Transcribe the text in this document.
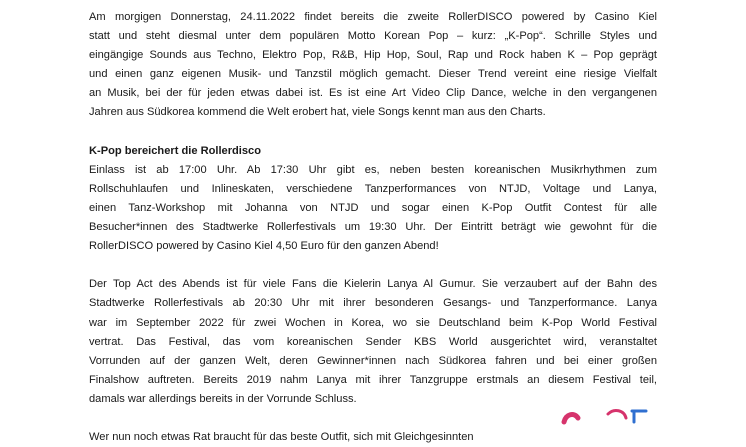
Am morgigen Donnerstag, 24.11.2022 findet bereits die zweite RollerDISCO powered by Casino Kiel
statt und steht diesmal unter dem populären Motto Korean Pop – kurz: „K-Pop“. Schrille Styles und
eingängige Sounds aus Techno, Elektro Pop, R&B, Hip Hop, Soul, Rap und Rock haben K – Pop geprägt
und einen ganz eigenen Musik- und Tanzstil möglich gemacht. Dieser Trend vereint eine riesige Vielfalt
an Musik, bei der für jeden etwas dabei ist. Es ist eine Art Video Clip Dance, welche in den vergangenen
Jahren aus Südkorea kommend die Welt erobert hat, viele Songs kennt man aus den Charts.

K-Pop bereichert die Rollerdisco

Einlass ist ab 17:00 Uhr. Ab 17:30 Uhr gibt es, neben besten koreanischen Musikrhythmen zum
Rollschuhlaufen und Inlineskaten, verschiedene Tanzperformances von NTJD, Voltage und Lanya,
einen Tanz-Workshop mit Johanna von NTJD und sogar einen K-Pop Outfit Contest für alle
Besucher*innen des Stadtwerke Rollerfestivals um 19:30 Uhr. Der Eintritt beträgt wie gewohnt für die
RollerDISCO powered by Casino Kiel 4,50 Euro für den ganzen Abend!
Der Top Act des Abends ist für viele Fans die Kielerin Lanya Al Gumur. Sie verzaubert auf der Bahn des
Stadtwerke Rollerfestivals ab 20:30 Uhr mit ihrer besonderen Gesangs- und Tanzperformance. Lanya
war im September 2022 für zwei Wochen in Korea, wo sie Deutschland beim K-Pop World Festival
vertrat. Das Festival, das vom koreanischen Sender KBS World ausgerichtet wird, veranstaltet
Vorrunden auf der ganzen Welt, deren Gewinner*innen nach Südkorea fahren und bei einer großen
Finalshow auftreten. Bereits 2019 nahm Lanya mit ihrer Tanzgruppe erstmals an diesem Festival teil,
damals war allerdings bereits in der Vorrunde Schluss.
Wer nun noch etwas Rat braucht für das beste Outfit, sich mit Gleichgesinnten
